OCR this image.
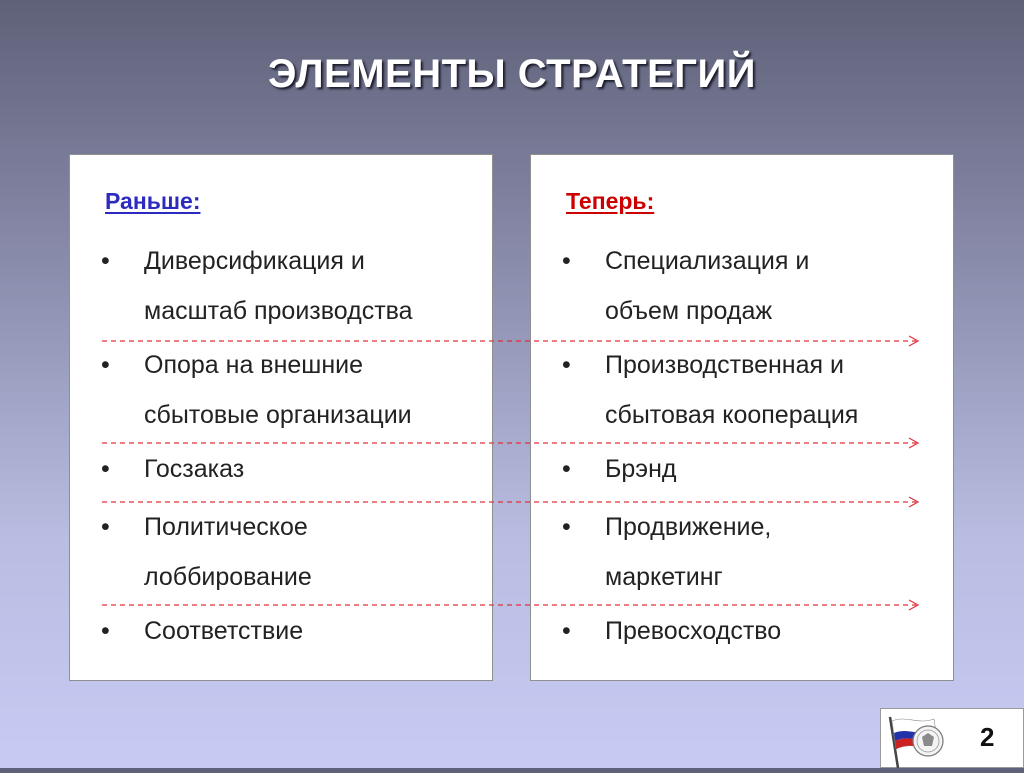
ЭЛЕМЕНТЫ СТРАТЕГИЙ
Раньше:
• Диверсификация и
масштаб производства
• Опора на внешние
сбытовые организации
• Госзаказ
• Политическое
лоббирование
• Соответствие
Теперь:
• Специализация и
объем продаж
• Производственная и
сбытовая кооперация
• Брэнд
• Продвижение,
маркетинг
• Превосходство
2
